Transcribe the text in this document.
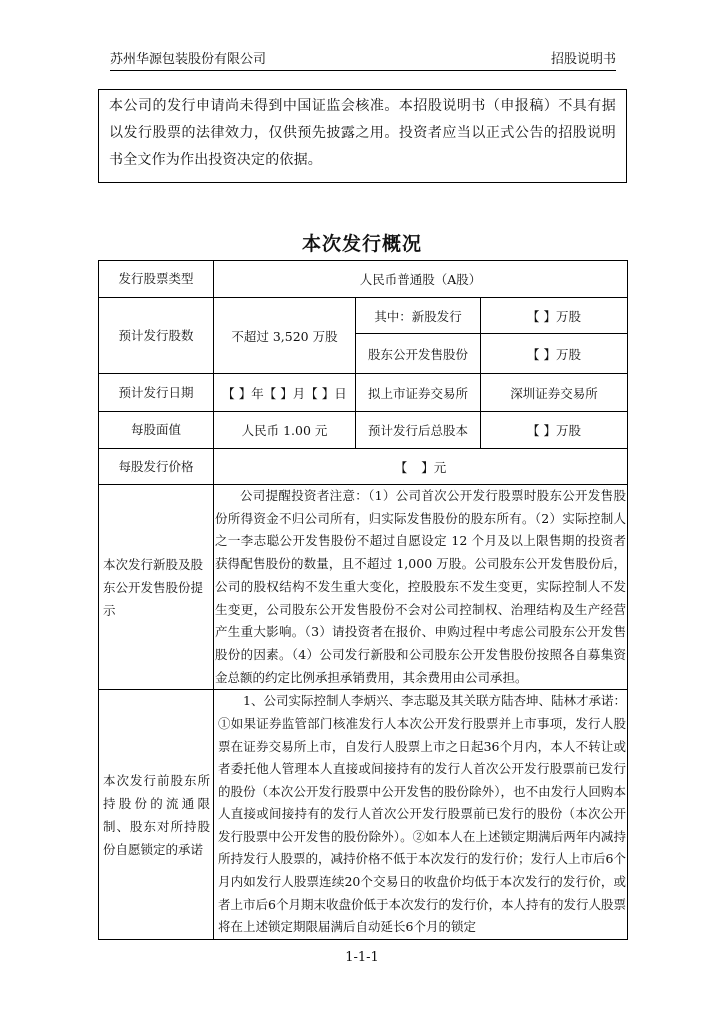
苏州华源包装股份有限公司	招股说明书
本公司的发行申请尚未得到中国证监会核准。本招股说明书（申报稿）不具有据以发行股票的法律效力，仅供预先披露之用。投资者应当以正式公告的招股说明书全文作为作出投资决定的依据。
本次发行概况
发行股票类型	人民币普通股（A股）		
预计发行股数	不超过 3,520 万股	其中：新股发行	【 】万股
		股东公开发售股份	【 】万股
预计发行日期	【 】年【 】月【 】日	拟上市证券交易所	深圳证券交易所
每股面值	人民币 1.00 元	预计发行后总股本	【 】万股
每股发行价格	【 】元		
本次发行新股及股东公开发售股份提示	公司提醒投资者注意：（1）公司首次公开发行股票时股东公开发售股份所得资金不归公司所有，归实际发售股份的股东所有。（2）实际控制人之一李志聪公开发售股份不超过自愿设定 12 个月及以上限售期的投资者获得配售股份的数量，且不超过 1,000 万股。公司股东公开发售股份后，公司的股权结构不发生重大变化，控股股东不发生变更，实际控制人不发生变更，公司股东公开发售股份不会对公司控制权、治理结构及生产经营产生重大影响。（3）请投资者在报价、申购过程中考虑公司股东公开发售股份的因素。（4）公司发行新股和公司股东公开发售股份按照各自募集资金总额的约定比例承担承销费用，其余费用由公司承担。		
本次发行前股东所持股份的流通限制、股东对所持股份自愿锁定的承诺	1、公司实际控制人李炳兴、李志聪及其关联方陆杏坤、陆林才承诺：①如果证券监管部门核准发行人本次公开发行股票并上市事项，发行人股票在证券交易所上市，自发行人股票上市之日起36个月内，本人不转让或者委托他人管理本人直接或间接持有的发行人首次公开发行股票前已发行的股份（本次公开发行股票中公开发售的股份除外），也不由发行人回购本人直接或间接持有的发行人首次公开发行股票前已发行的股份（本次公开发行股票中公开发售的股份除外）。②如本人在上述锁定期满后两年内减持所持发行人股票的，减持价格不低于本次发行的发行价；发行人上市后6个月内如发行人股票连续20个交易日的收盘价均低于本次发行的发行价，或者上市后6个月期末收盘价低于本次发行的发行价，本人持有的发行人股票将在上述锁定期限届满后自动延长6个月的锁定		
1-1-1
